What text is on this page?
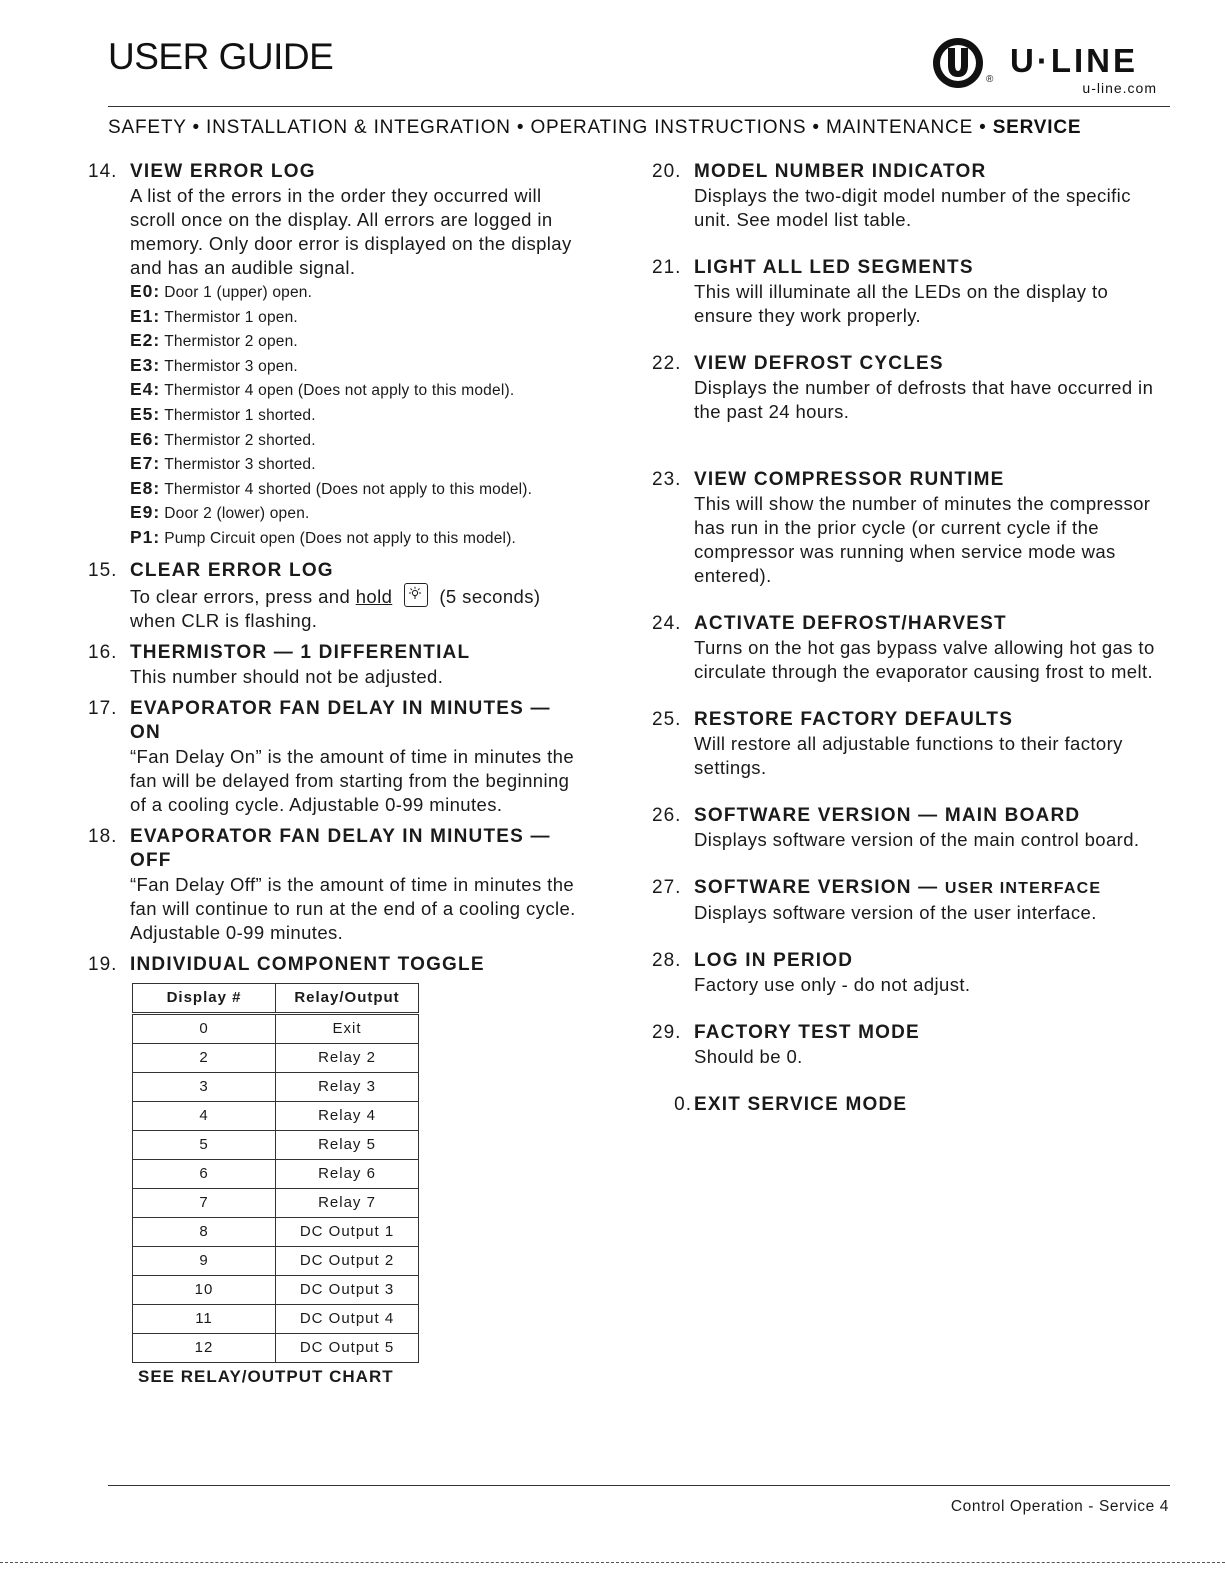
USER GUIDE
®
U·LINE
u-line.com
SAFETY • INSTALLATION & INTEGRATION • OPERATING INSTRUCTIONS • MAINTENANCE • SERVICE
14. VIEW ERROR LOG
A list of the errors in the order they occurred will scroll once on the display. All errors are logged in memory. Only door error is displayed on the display and has an audible signal.
E0: Door 1 (upper) open.
E1: Thermistor 1 open.
E2: Thermistor 2 open.
E3: Thermistor 3 open.
E4: Thermistor 4 open (Does not apply to this model).
E5: Thermistor 1 shorted.
E6: Thermistor 2 shorted.
E7: Thermistor 3 shorted.
E8: Thermistor 4 shorted (Does not apply to this model).
E9: Door 2 (lower) open.
P1: Pump Circuit open (Does not apply to this model).
15. CLEAR ERROR LOG
To clear errors, press and hold	(5 seconds) when CLR is flashing.
16. THERMISTOR — 1 DIFFERENTIAL
This number should not be adjusted.
17. EVAPORATOR FAN DELAY IN MINUTES — ON
“Fan Delay On” is the amount of time in minutes the fan will be delayed from starting from the beginning of a cooling cycle. Adjustable 0-99 minutes.
18. EVAPORATOR FAN DELAY IN MINUTES — OFF
“Fan Delay Off” is the amount of time in minutes the fan will continue to run at the end of a cooling cycle. Adjustable 0-99 minutes.
19. INDIVIDUAL COMPONENT TOGGLE
Display #	Relay/Output
0	Exit
2	Relay 2
3	Relay 3
4	Relay 4
5	Relay 5
6	Relay 6
7	Relay 7
8	DC Output 1
9	DC Output 2
10	DC Output 3
11	DC Output 4
12	DC Output 5
SEE RELAY/OUTPUT CHART
20. MODEL NUMBER INDICATOR
Displays the two-digit model number of the specific unit. See model list table.
21. LIGHT ALL LED SEGMENTS
This will illuminate all the LEDs on the display to ensure they work properly.
22. VIEW DEFROST CYCLES
Displays the number of defrosts that have occurred in the past 24 hours.
23. VIEW COMPRESSOR RUNTIME
This will show the number of minutes the compressor has run in the prior cycle (or current cycle if the compressor was running when service mode was entered).
24. ACTIVATE DEFROST/HARVEST
Turns on the hot gas bypass valve allowing hot gas to circulate through the evaporator causing frost to melt.
25. RESTORE FACTORY DEFAULTS
Will restore all adjustable functions to their factory settings.
26. SOFTWARE VERSION — MAIN BOARD
Displays software version of the main control board.
27. SOFTWARE VERSION — USER INTERFACE
Displays software version of the user interface.
28. LOG IN PERIOD
Factory use only - do not adjust.
29. FACTORY TEST MODE
Should be 0.
0. EXIT SERVICE MODE
Control Operation - Service 4
